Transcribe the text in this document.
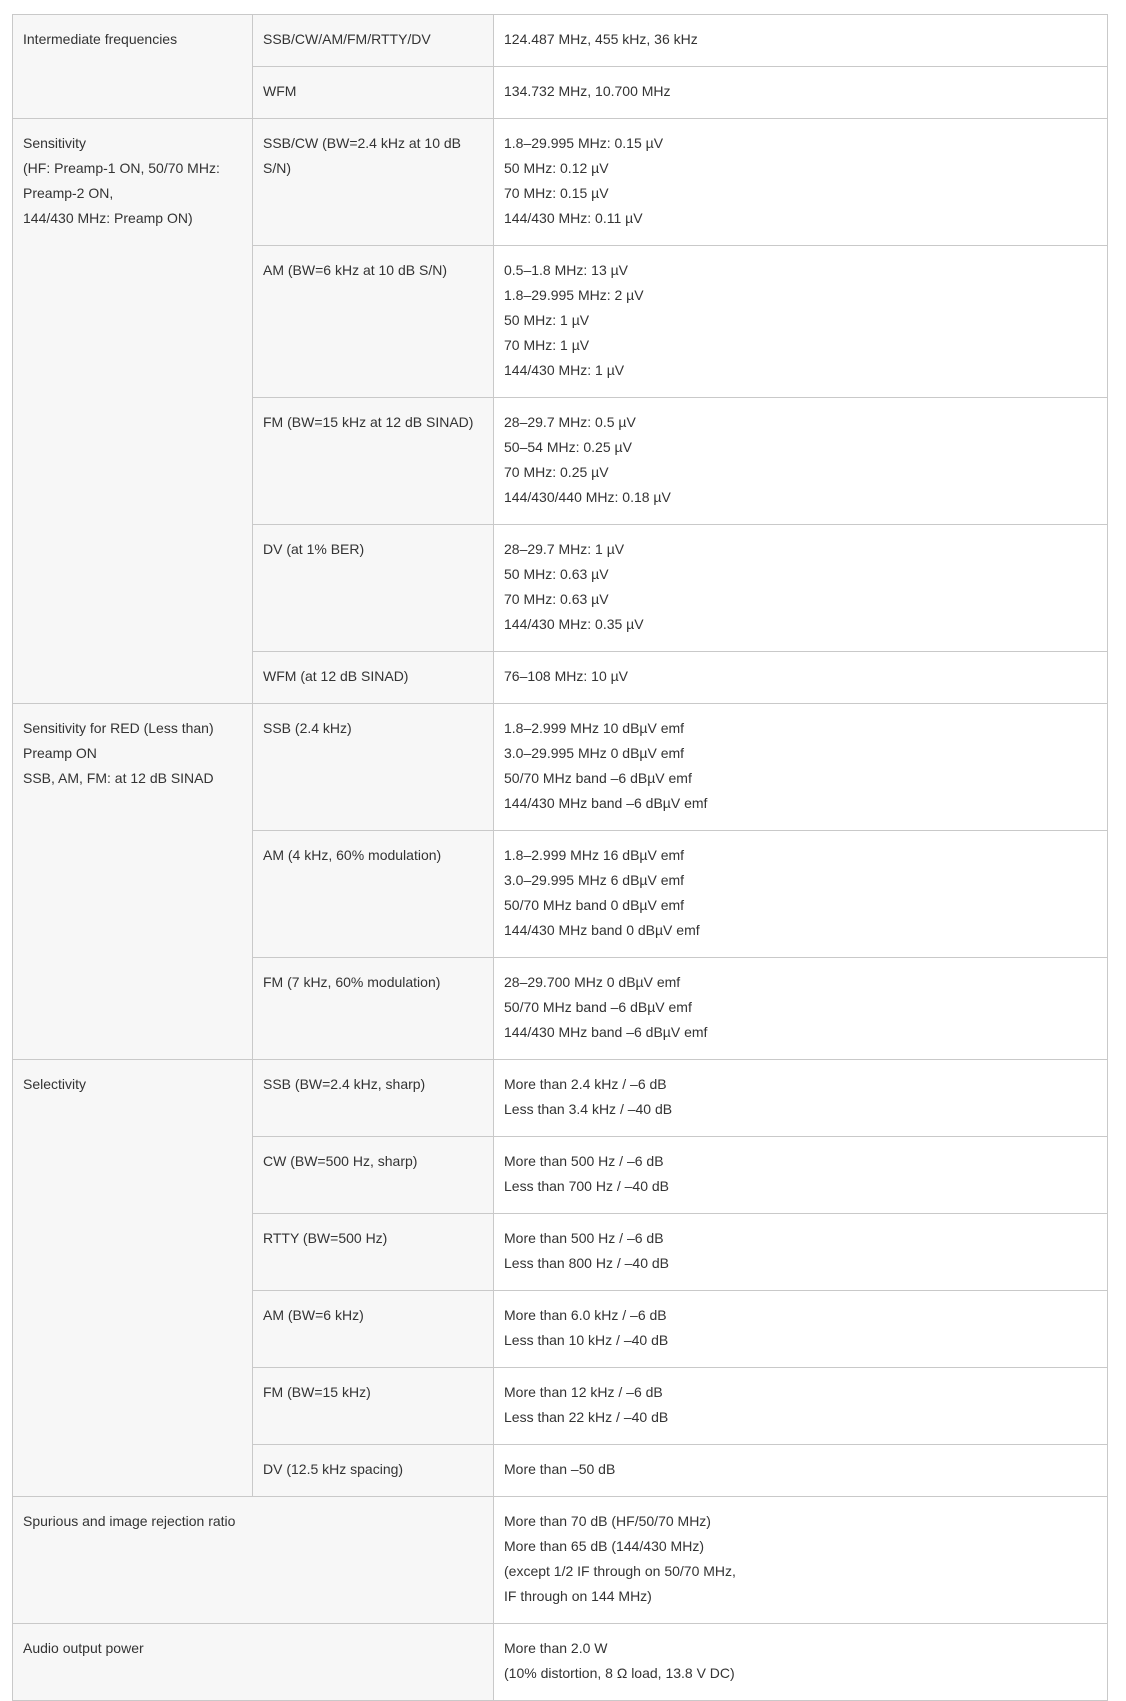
Intermediate frequencies	SSB/CW/AM/FM/RTTY/DV	124.487 MHz, 455 kHz, 36 kHz

	WFM	134.732 MHz, 10.700 MHz

Sensitivity
(HF: Preamp-1 ON, 50/70 MHz:
Preamp-2 ON,
144/430 MHz: Preamp ON)	SSB/CW (BW=2.4 kHz at 10 dB S/N)	1.8–29.995 MHz: 0.15 µV
50 MHz: 0.12 µV
70 MHz: 0.15 µV
144/430 MHz: 0.11 µV

	AM (BW=6 kHz at 10 dB S/N)	0.5–1.8 MHz: 13 µV
1.8–29.995 MHz: 2 µV
50 MHz: 1 µV
70 MHz: 1 µV
144/430 MHz: 1 µV

	FM (BW=15 kHz at 12 dB SINAD)	28–29.7 MHz: 0.5 µV
50–54 MHz: 0.25 µV
70 MHz: 0.25 µV
144/430/440 MHz: 0.18 µV

	DV (at 1% BER)	28–29.7 MHz: 1 µV
50 MHz: 0.63 µV
70 MHz: 0.63 µV
144/430 MHz: 0.35 µV

	WFM (at 12 dB SINAD)	76–108 MHz: 10 µV

Sensitivity for RED (Less than)
Preamp ON
SSB, AM, FM: at 12 dB SINAD	SSB (2.4 kHz)	1.8–2.999 MHz 10 dBµV emf
3.0–29.995 MHz 0 dBµV emf
50/70 MHz band –6 dBµV emf
144/430 MHz band –6 dBµV emf

	AM (4 kHz, 60% modulation)	1.8–2.999 MHz 16 dBµV emf
3.0–29.995 MHz 6 dBµV emf
50/70 MHz band 0 dBµV emf
144/430 MHz band 0 dBµV emf

	FM (7 kHz, 60% modulation)	28–29.700 MHz 0 dBµV emf
50/70 MHz band –6 dBµV emf
144/430 MHz band –6 dBµV emf

Selectivity	SSB (BW=2.4 kHz, sharp)	More than 2.4 kHz / –6 dB
Less than 3.4 kHz / –40 dB

	CW (BW=500 Hz, sharp)	More than 500 Hz / –6 dB
Less than 700 Hz / –40 dB

	RTTY (BW=500 Hz)	More than 500 Hz / –6 dB
Less than 800 Hz / –40 dB

	AM (BW=6 kHz)	More than 6.0 kHz / –6 dB
Less than 10 kHz / –40 dB

	FM (BW=15 kHz)	More than 12 kHz / –6 dB
Less than 22 kHz / –40 dB

	DV (12.5 kHz spacing)	More than –50 dB

Spurious and image rejection ratio		More than 70 dB (HF/50/70 MHz)
More than 65 dB (144/430 MHz)
(except 1/2 IF through on 50/70 MHz,
IF through on 144 MHz)

Audio output power		More than 2.0 W
(10% distortion, 8 Ω load, 13.8 V DC)
